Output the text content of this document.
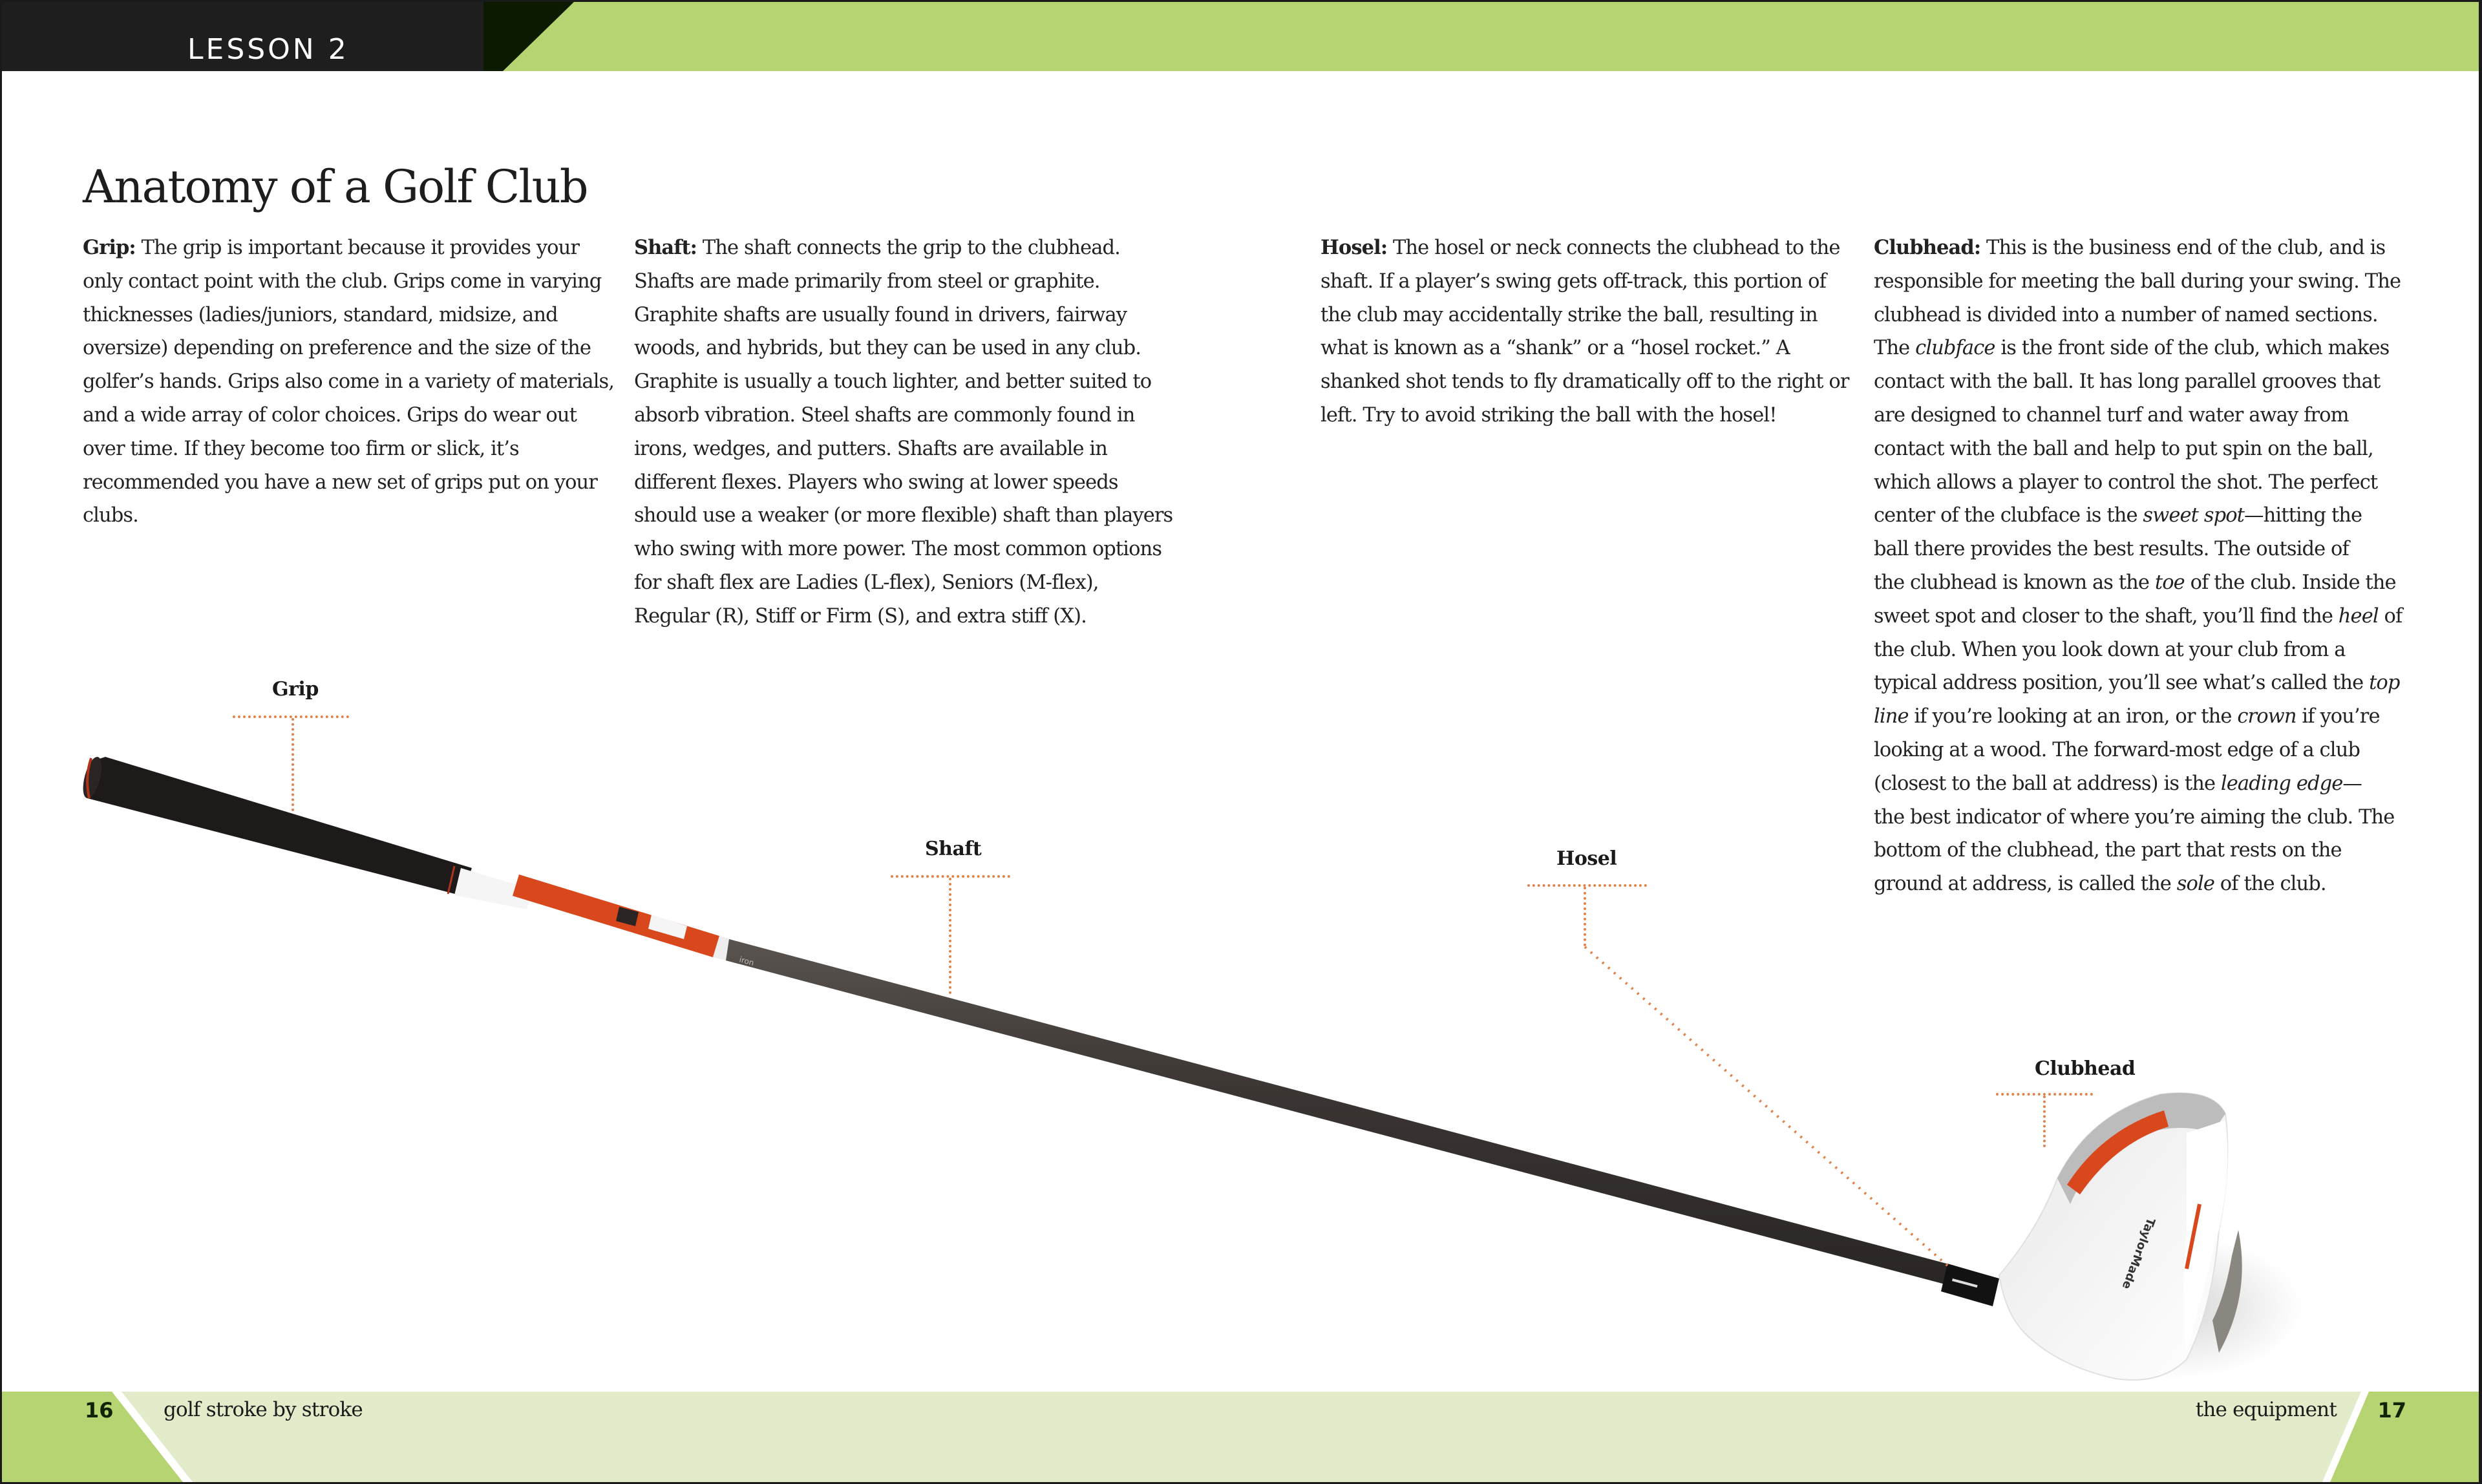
LESSON 2
Anatomy of a Golf Club
Grip: The grip is important because it provides your
only contact point with the club. Grips come in varying
thicknesses (ladies/juniors, standard, midsize, and
oversize) depending on preference and the size of the
golfer’s hands. Grips also come in a variety of materials,
and a wide array of color choices. Grips do wear out
over time. If they become too firm or slick, it’s
recommended you have a new set of grips put on your
clubs.
Shaft: The shaft connects the grip to the clubhead.
Shafts are made primarily from steel or graphite.
Graphite shafts are usually found in drivers, fairway
woods, and hybrids, but they can be used in any club.
Graphite is usually a touch lighter, and better suited to
absorb vibration. Steel shafts are commonly found in
irons, wedges, and putters. Shafts are available in
different flexes. Players who swing at lower speeds
should use a weaker (or more flexible) shaft than players
who swing with more power. The most common options
for shaft flex are Ladies (L-flex), Seniors (M-flex),
Regular (R), Stiff or Firm (S), and extra stiff (X).
Hosel: The hosel or neck connects the clubhead to the
shaft. If a player’s swing gets off-track, this portion of
the club may accidentally strike the ball, resulting in
what is known as a “shank” or a “hosel rocket.” A
shanked shot tends to fly dramatically off to the right or
left. Try to avoid striking the ball with the hosel!
Clubhead: This is the business end of the club, and is
responsible for meeting the ball during your swing. The
clubhead is divided into a number of named sections.
The clubface is the front side of the club, which makes
contact with the ball. It has long parallel grooves that
are designed to channel turf and water away from
contact with the ball and help to put spin on the ball,
which allows a player to control the shot. The perfect
center of the clubface is the sweet spot—hitting the
ball there provides the best results. The outside of
the clubhead is known as the toe of the club. Inside the
sweet spot and closer to the shaft, you’ll find the heel of
the club. When you look down at your club from a
typical address position, you’ll see what’s called the top
line if you’re looking at an iron, or the crown if you’re
looking at a wood. The forward-most edge of a club
(closest to the ball at address) is the leading edge—
the best indicator of where you’re aiming the club. The
bottom of the clubhead, the part that rests on the
ground at address, is called the sole of the club.
iron
TaylorMade
Grip
Shaft	Hosel
Clubhead
16 golf stroke by stroke	the equipment 17
